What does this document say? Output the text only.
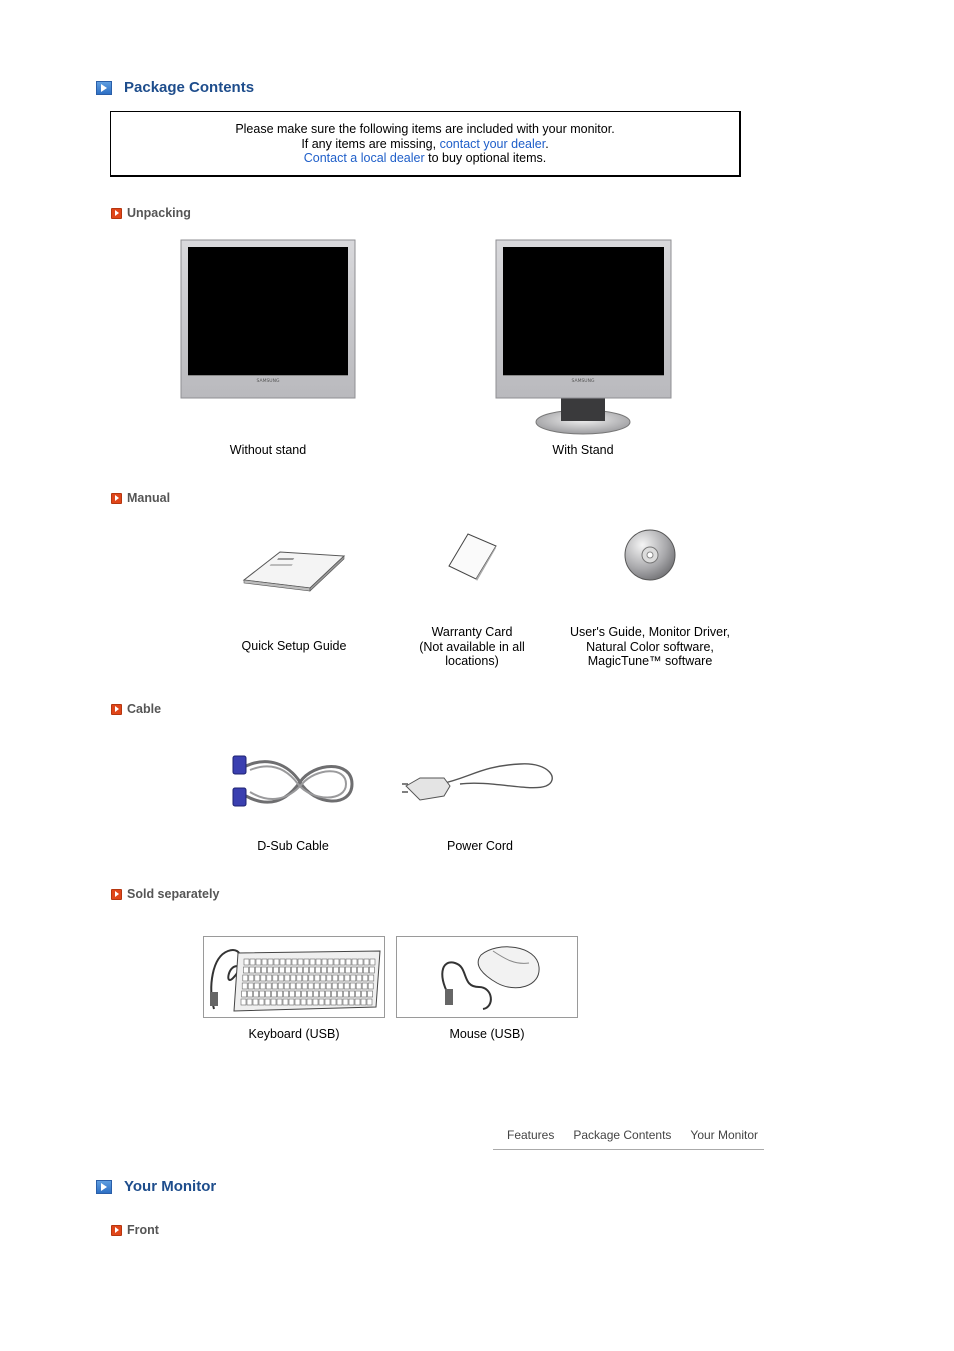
Package Contents
Please make sure the following items are included with your monitor.
If any items are missing, contact your dealer.
Contact a local dealer to buy optional items.
Unpacking
SAMSUNG
Without stand
SAMSUNG
With Stand
Manual
Quick Setup Guide
Warranty Card
(Not available in all
locations)
User's Guide, Monitor Driver,
Natural Color software,
MagicTune™ software
Cable
D-Sub Cable	Power Cord
Sold separately
Keyboard (USB)	Mouse (USB)
Features Package Contents Your Monitor
Your Monitor
Front
